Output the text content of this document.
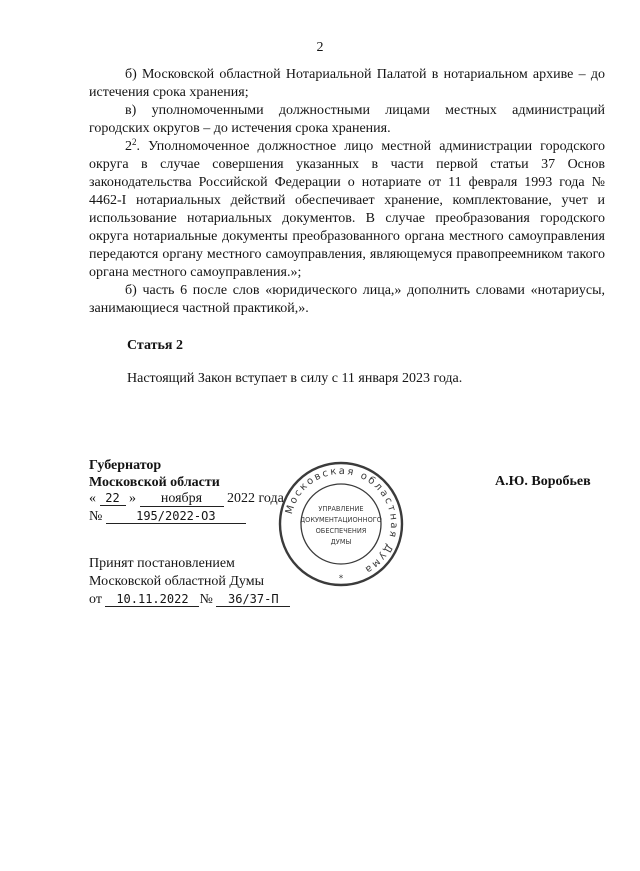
2

б) Московской областной Нотариальной Палатой в нотариальном архиве – до истечения срока хранения;

в) уполномоченными должностными лицами местных администраций городских округов – до истечения срока хранения.

$2^2$. Уполномоченное должностное лицо местной администрации городского округа в случае совершения указанных в части первой статьи 37 Основ законодательства Российской Федерации о нотариате от 11 февраля 1993 года № 4462-I нотариальных действий обеспечивает хранение, комплектование, учет и использование нотариальных документов. В случае преобразования городского округа нотариальные документы преобразованного органа местного самоуправления передаются органу местного самоуправления, являющемуся правопреемником такого органа местного самоуправления.»;

б) часть 6 после слов «юридического лица,» дополнить словами «нотариусы, занимающиеся частной практикой,».

Статья 2
Настоящий Закон вступает в силу с 11 января 2023 года.
Губернатор
Московской области	А.Ю. Воробьев
« 22 » ноября 2022 года
№	195/2022-ОЗ
Принят постановлением
Московской областной Думы
от 10.11.2022 № 36/37-П
Московская областная Дума
УПРАВЛЕНИЕ
ДОКУМЕНТАЦИОННОГО
ОБЕСПЕЧЕНИЯ
ДУМЫ
*
